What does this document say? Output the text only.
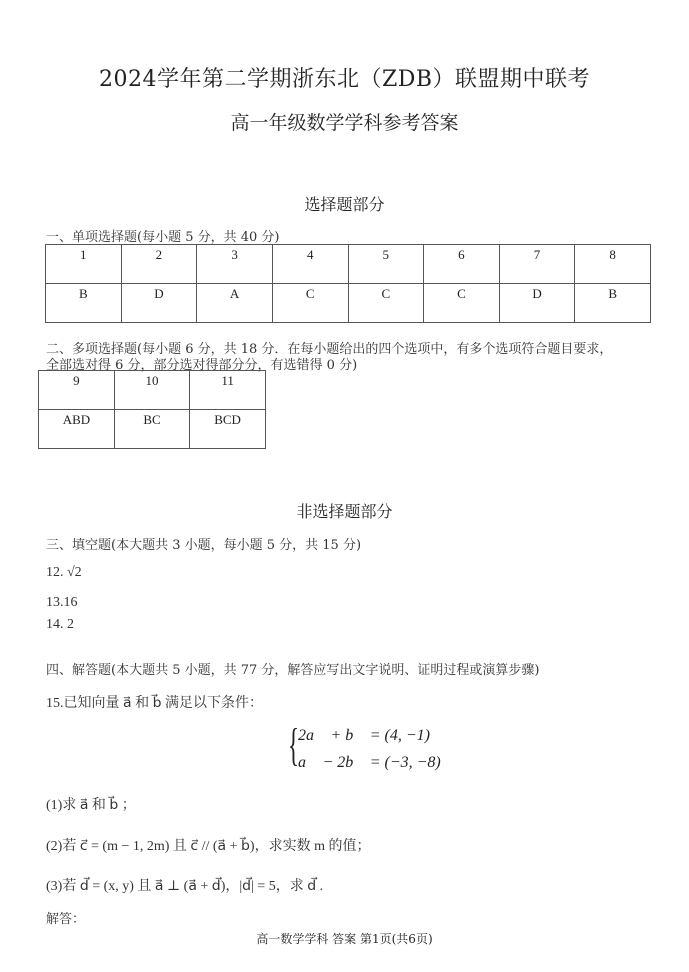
2024学年第二学期浙东北（ZDB）联盟期中联考
高一年级数学学科参考答案
选择题部分
一、单项选择题(每小题 5 分，共 40 分)
1	2	3	4	5	6	7	8
B	D	A	C	C	C	D	B
二、多项选择题(每小题 6 分，共 18 分．在每小题给出的四个选项中，有多个选项符合题目要求，
全部选对得 6 分，部分选对得部分分，有选错得 0 分)
9	10	11
ABD	BC	BCD
非选择题部分
三、填空题(本大题共 3 小题，每小题 5 分，共 15 分)
12. √2
13.16
14. 2
四、解答题(本大题共 5 小题，共 77 分，解答应写出文字说明、证明过程或演算步骤)
15.已知向量 a⃗ 和 b⃗ 满足以下条件：
{
2a⃗ + b⃗ = (4, −1)
a⃗ − 2b⃗ = (−3, −8)
(1)求 a⃗ 和 b⃗ ；
(2)若 c⃗ = (m − 1, 2m) 且 c⃗ // (a⃗ + b⃗)，求实数 m 的值；
(3)若 d⃗ = (x, y) 且 a⃗ ⊥ (a⃗ + d⃗)，|d⃗| = 5，求 d⃗ .
解答：
高一数学学科 答案 第1页(共6页)
